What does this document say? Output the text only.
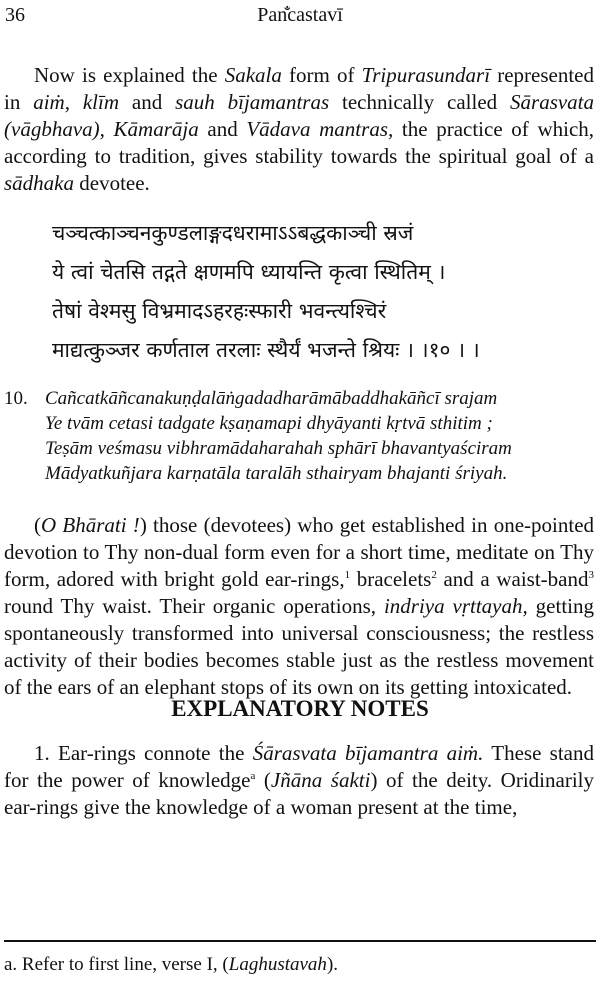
36	Pan̐castavī

Now is explained the Sakala form of Tripurasundarī represented in aiṁ, klīm and sauh bījamantras technically called Sārasvata (vāgbhava), Kāmarāja and Vādava mantras, the practice of which, according to tradition, gives stability towards the spiritual goal of a sādhaka devotee.

चञ्चत्काञ्चनकुण्डलाङ्गदधरामाऽऽबद्धकाञ्ची स्रजं
ये त्वां चेतसि तद्गते क्षणमपि ध्यायन्ति कृत्वा स्थितिम् ।
तेषां वेश्मसु विभ्रमादऽहरहःस्फारी भवन्त्यश्चिरं
माद्यत्कुञ्जर कर्णताल तरलाः स्थैर्यं भजन्ते श्रियः । ।१० । ।
10. Cañcatkāñcanakuṇḍalāṅgadadharāmābaddhakāñcī srajam
Ye tvām cetasi tadgate kṣaṇamapi dhyāyanti kṛtvā sthitim ;
Teṣām veśmasu vibhramādaharahah sphārī bhavantyaściram
Mādyatkuñjara karṇatāla taralāh sthairyam bhajanti śriyah.

(O Bhārati !) those (devotees) who get established in one-pointed devotion to Thy non-dual form even for a short time, meditate on Thy form, adored with bright gold ear-rings,$^1$ bracelets$^2$ and a waist-band$^3$ round Thy waist. Their organic operations, indriya vṛttayah, getting spontaneously transformed into universal consciousness; the restless activity of their bodies becomes stable just as the restless movement of the ears of an elephant stops of its own on its getting intoxicated.

EXPLANATORY NOTES

1. Ear-rings connote the Śārasvata bījamantra aiṁ. These stand for the power of knowledge$^a$ (Jñāna śakti) of the deity. Oridinarily ear-rings give the knowledge of a woman present at the time,

a. Refer to first line, verse I, (Laghustavah).
